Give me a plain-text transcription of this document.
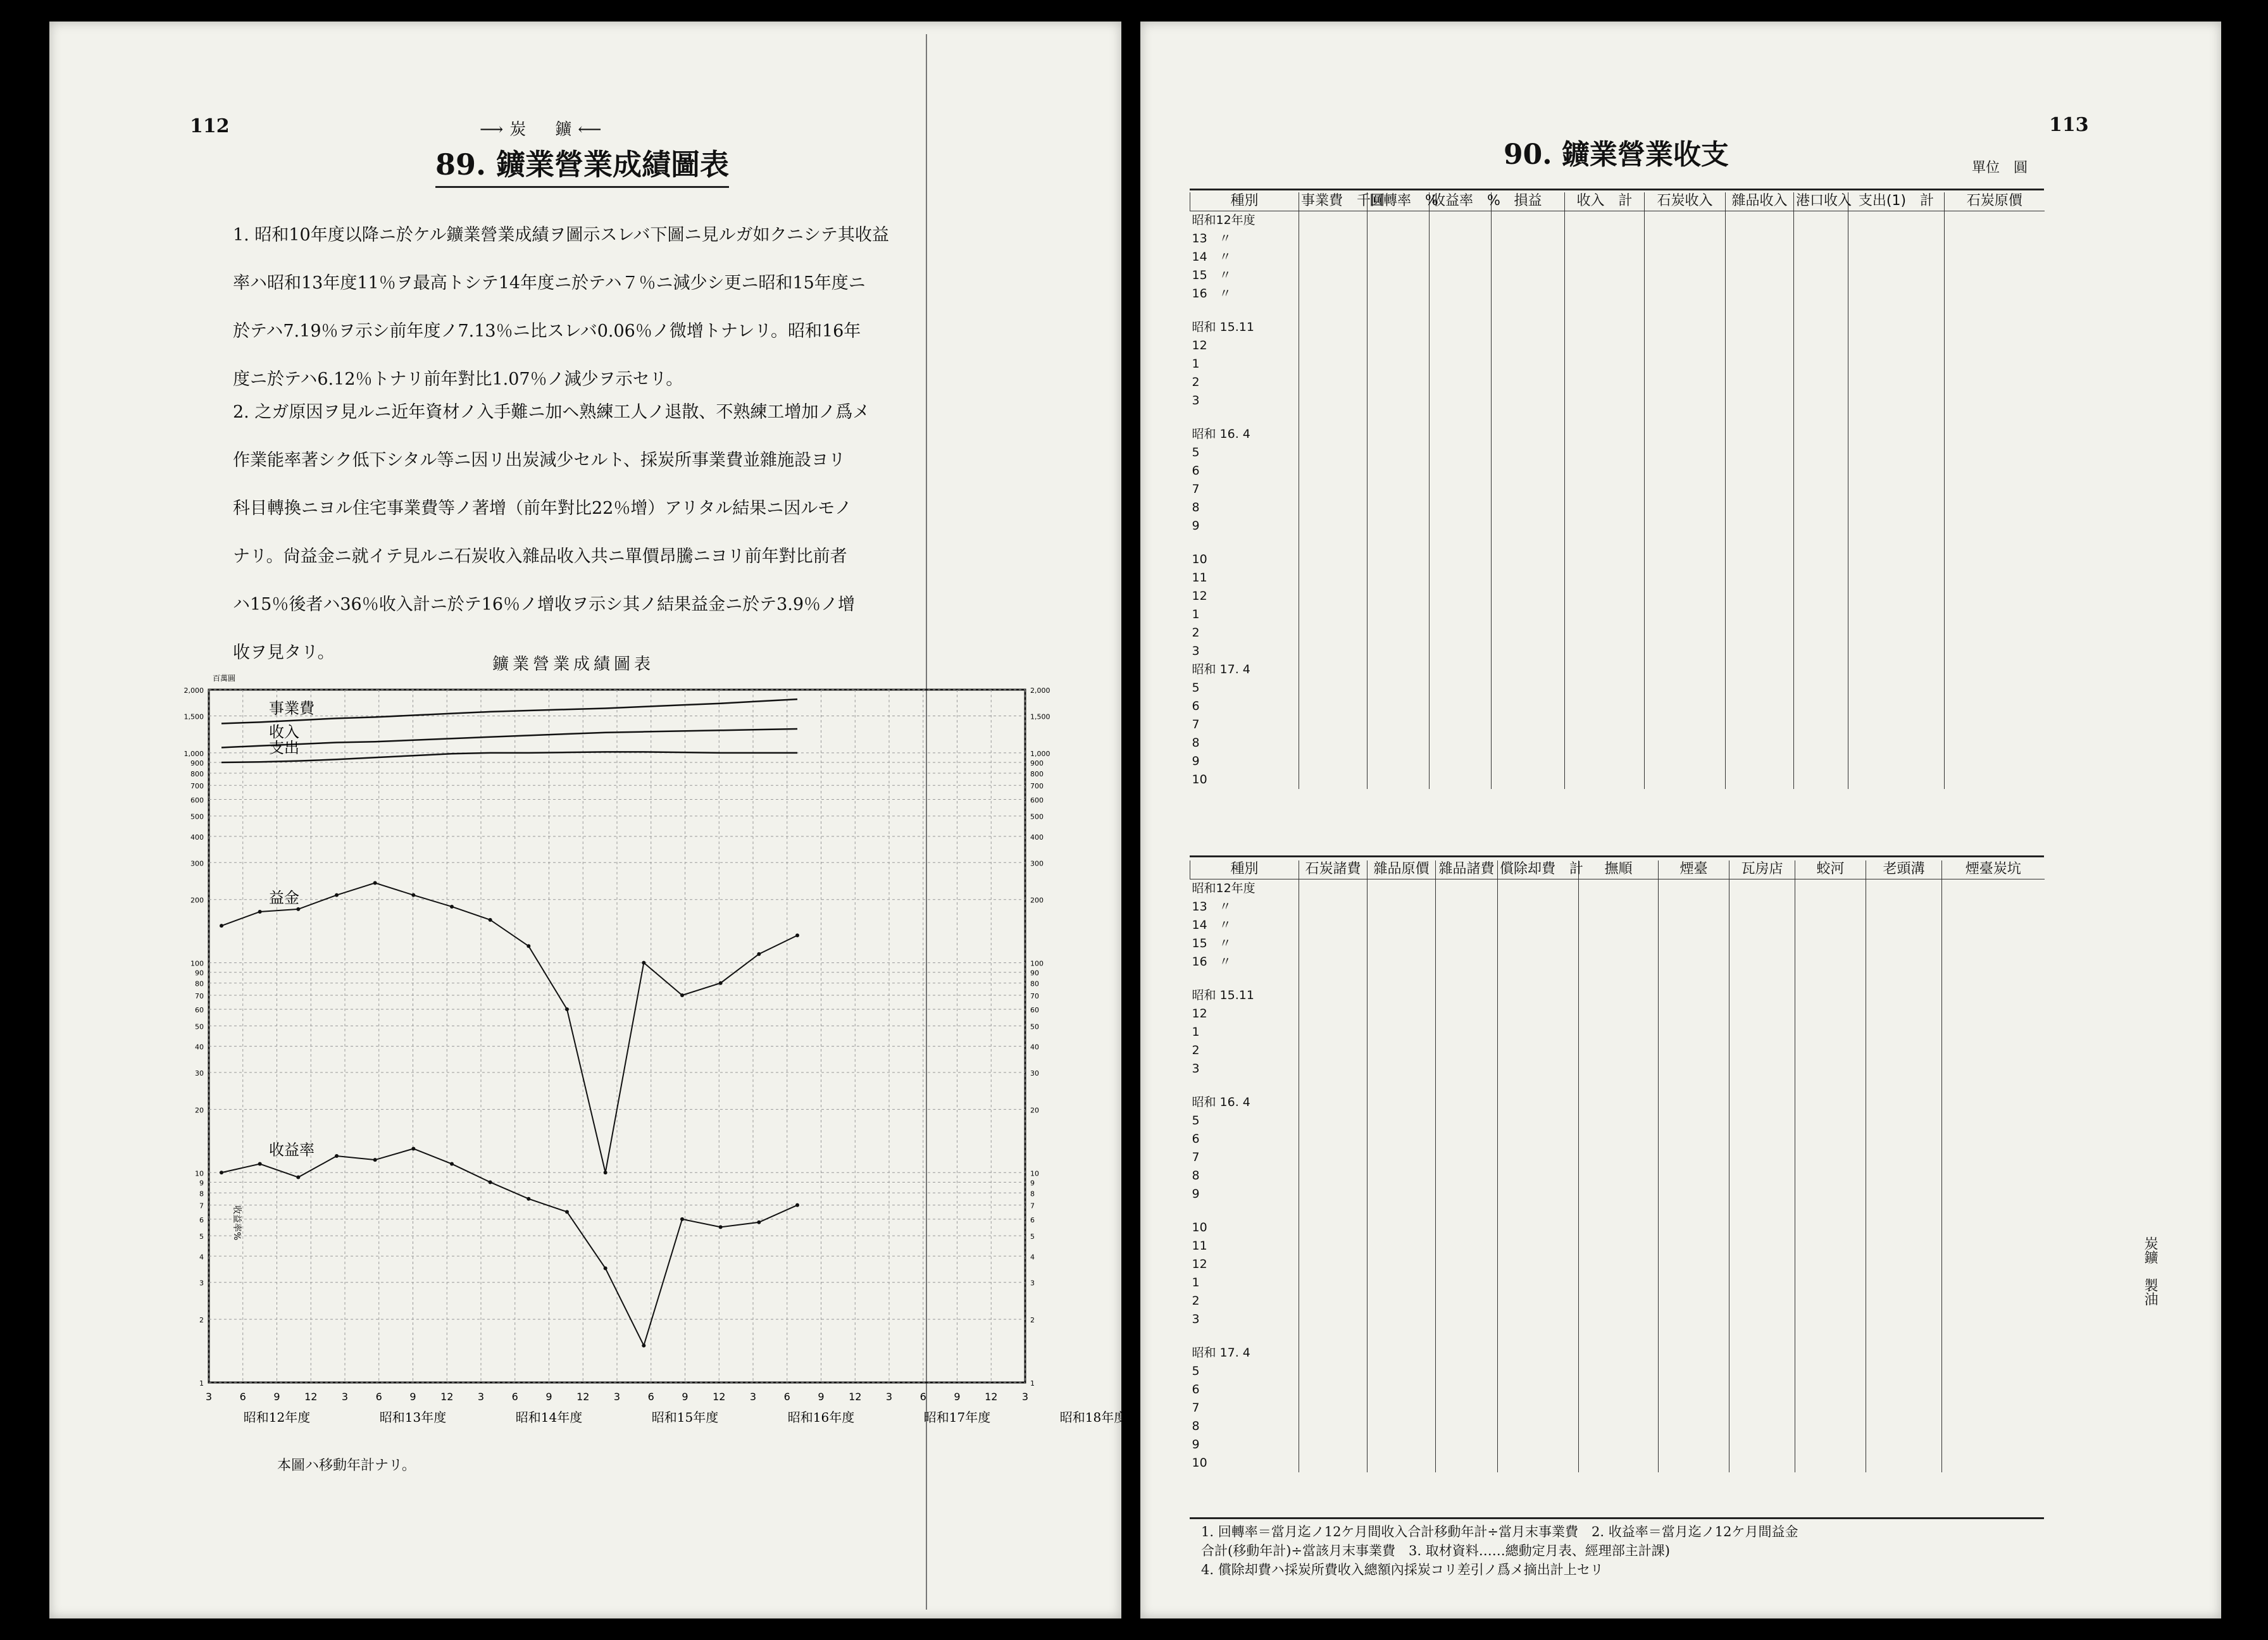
112	⟶炭　鑛⟵
89. 鑛業營業成績圖表
1. 昭和10年度以降ニ於ケル鑛業營業成績ヲ圖示スレバ下圖ニ見ルガ如クニシテ其收益
率ハ昭和13年度11％ヲ最高トシテ14年度ニ於テハ７％ニ減少シ更ニ昭和15年度ニ
於テハ7.19％ヲ示シ前年度ノ7.13％ニ比スレバ0.06％ノ微增トナレリ。昭和16年
度ニ於テハ6.12％トナリ前年對比1.07％ノ減少ヲ示セリ。
2. 之ガ原因ヲ見ルニ近年資材ノ入手難ニ加ヘ熟練工人ノ退散、不熟練工增加ノ爲メ
作業能率著シク低下シタル等ニ因リ出炭減少セルト、採炭所事業費並雜施設ヨリ
科目轉換ニヨル住宅事業費等ノ著增（前年對比22％增）アリタル結果ニ因ルモノ
ナリ。尙益金ニ就イテ見ルニ石炭收入雜品收入共ニ單價昂騰ニヨリ前年對比前者
ハ15％後者ハ36％收入計ニ於テ16％ノ增收ヲ示シ其ノ結果益金ニ於テ3.9％ノ增
收ヲ見タリ。
鑛業營業成績圖表
本圖ハ移動年計ナリ。
2,000
1,500
1,000
900
800
700
600
500
400
300
200
100
90
80
70
60
50
40
30
20
10
9
8
7
6
5
4
3
2
1
2,000
1,500
1,000
900
800
700
600
500
400
300
200
100
90
80
70
60
50
40
30
20
10
9
8
7
6
5
4
3
2
1
3	6	9 12 3	6	9 12 3	6	9 12 3	6	9 12 3	6	9 12 3	6	9 12 3
昭和12年度	昭和13年度	昭和14年度	昭和15年度	昭和16年度	昭和17年度	昭和18年度
百萬圓
收益率%
事業費
收入
支出
益金
收益率
90. 鑛業營業收支
113
單位　圓
種別	事業費　千圓	回轉率　%	收益率　%	損益	收入　計	石炭收入	雜品收入	港口收入	支出(1)　計	石炭原價
昭和12年度										
13　〃										
14　〃										
15　〃										
16　〃										

昭和 15.11										
12										
1										
2										
3										

昭和 16. 4										
5										
6										
7										
8										
9										

10										
11										
12										
1										
2										
3										
昭和 17. 4										
5										
6										
7										
8										
9										
10										
種別	石炭諸費	雜品原價	雜品諸費	償除却費　計	撫順	煙臺	瓦房店	蛟河	老頭溝	煙臺炭坑
昭和12年度										
13　〃										
14　〃										
15　〃										
16　〃										

昭和 15.11										
12										
1										
2										
3										

昭和 16. 4										
5										
6										
7										
8										
9										

10										
11										
12										
1										
2										
3										

昭和 17. 4										
5										
6										
7										
8										
9										
10										
1. 回轉率＝當月迄ノ12ケ月間收入合計移動年計÷當月末事業費　2. 收益率＝當月迄ノ12ケ月間益金
合計(移動年計)÷當該月末事業費　3. 取材資料……總動定月表、經理部主計課)
4. 償除却費ハ採炭所費收入總額內採炭コリ差引ノ爲メ摘出計上セリ
炭鑛　製油
